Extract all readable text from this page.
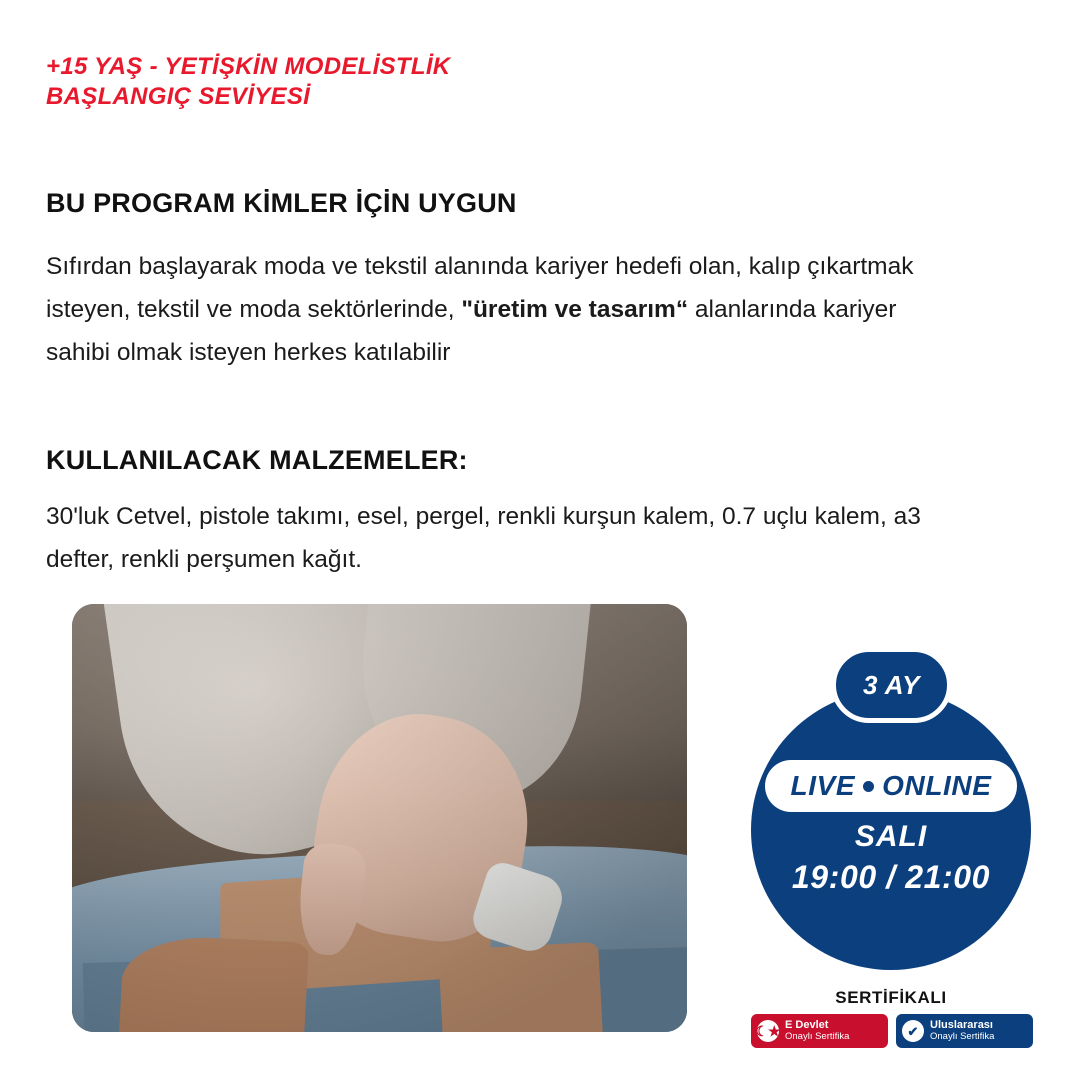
+15 YAŞ - YETİŞKİN MODELİSTLİK
BAŞLANGIÇ SEVİYESİ
BU PROGRAM KİMLER İÇİN UYGUN

Sıfırdan başlayarak moda ve tekstil alanında kariyer hedefi olan, kalıp çıkartmak isteyen, tekstil ve moda sektörlerinde, "üretim ve tasarım“ alanlarında kariyer sahibi olmak isteyen herkes katılabilir

KULLANILACAK MALZEMELER:

30'luk Cetvel, pistole takımı, esel, pergel, renkli kurşun kalem, 0.7 uçlu kalem, a3 defter, renkli perşumen kağıt.

3 AY
LIVE ONLINE
SALI
19:00 / 21:00
SERTİFİKALI
☾★ E Devlet
Onaylı Sertifika	✔ Uluslararası
Onaylı Sertifika
